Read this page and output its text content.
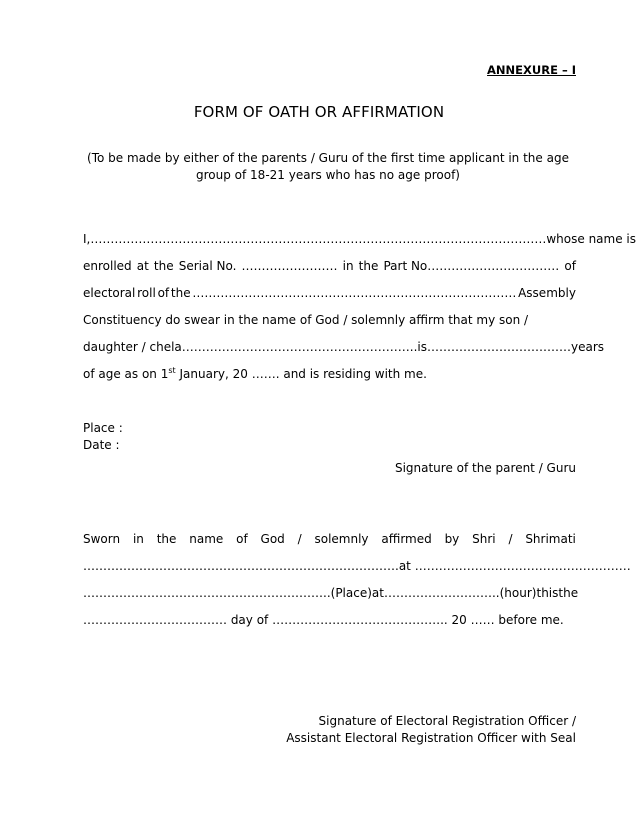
ANNEXURE – I
FORM OF OATH OR AFFIRMATION
(To be made by either of the parents / Guru of the first time applicant in the age group of 18-21 years who has no age proof)
I, …………………………………………………………………………………………………… whose name is
enrolled at the Serial No. …………………… in the Part No…………………………… of
electoral roll of the ……………………………………………………………………… Assembly
Constituency do swear in the name of God / solemnly affirm that my son /
daughter / chela ………………………………………………….. is ……………………………… years
of age as on 1st January, 20 ……. and is residing with me.
Place :
Date :
Signature of the parent / Guru
Sworn in the name of God / solemnly affirmed by Shri / Shrimati
…………………………………………………………………….at ………………………………………………
…………………………………………………….. (Place) at ……………………….. (hour) this the
……………………………… day of …………………………………….. 20 …… before me.
Signature of Electoral Registration Officer /
Assistant Electoral Registration Officer with Seal
